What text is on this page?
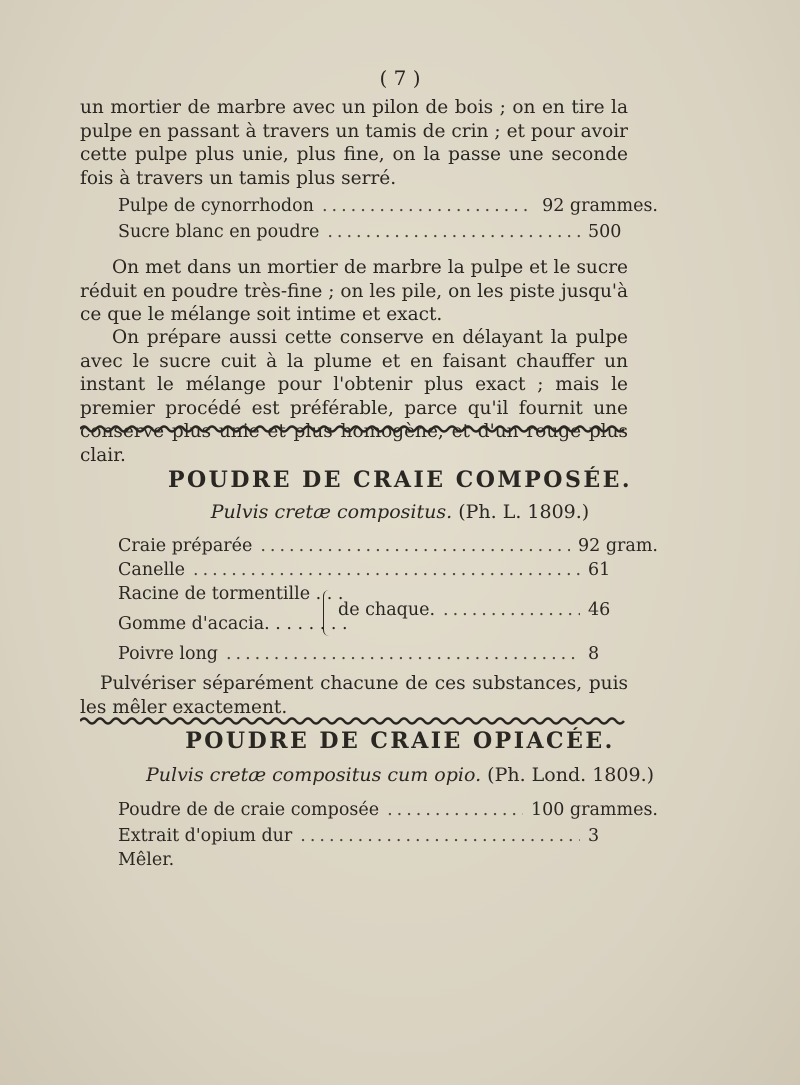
( 7 )

un mortier de marbre avec un pilon de bois ; on en tire la pulpe en passant à travers un tamis de crin ; et pour avoir cette pulpe plus unie, plus fine, on la passe une seconde fois à travers un tamis plus serré.

Pulpe de cynorrhodon .....	92 grammes.
Sucre blanc en poudre .....	500

On met dans un mortier de marbre la pulpe et le sucre réduit en poudre très-fine ; on les pile, on les piste jusqu'à ce que le mélange soit intime et exact.

On prépare aussi cette conserve en délayant la pulpe avec le sucre cuit à la plume et en faisant chauffer un instant le mélange pour l'obtenir plus exact ; mais le premier procédé est préférable, parce qu'il fournit une conserve plus unie et plus homogène, et d'un rouge plus clair.

POUDRE DE CRAIE COMPOSÉE.
Pulvis cretæ compositus. (Ph. L. 1809.)
Craie préparée .....	92 gram.
Canelle .....	61
Racine de tormentille . . .
Gomme d'acacia. . . . . . . .
de chaque. .....	46
Poivre long .....	8

Pulvériser séparément chacune de ces substances, puis les mêler exactement.

POUDRE DE CRAIE OPIACÉE.
Pulvis cretæ compositus cum opio. (Ph. Lond. 1809.)
Poudre de de craie composée .....	100 grammes.
Extrait d'opium dur .....	3
Mêler.
